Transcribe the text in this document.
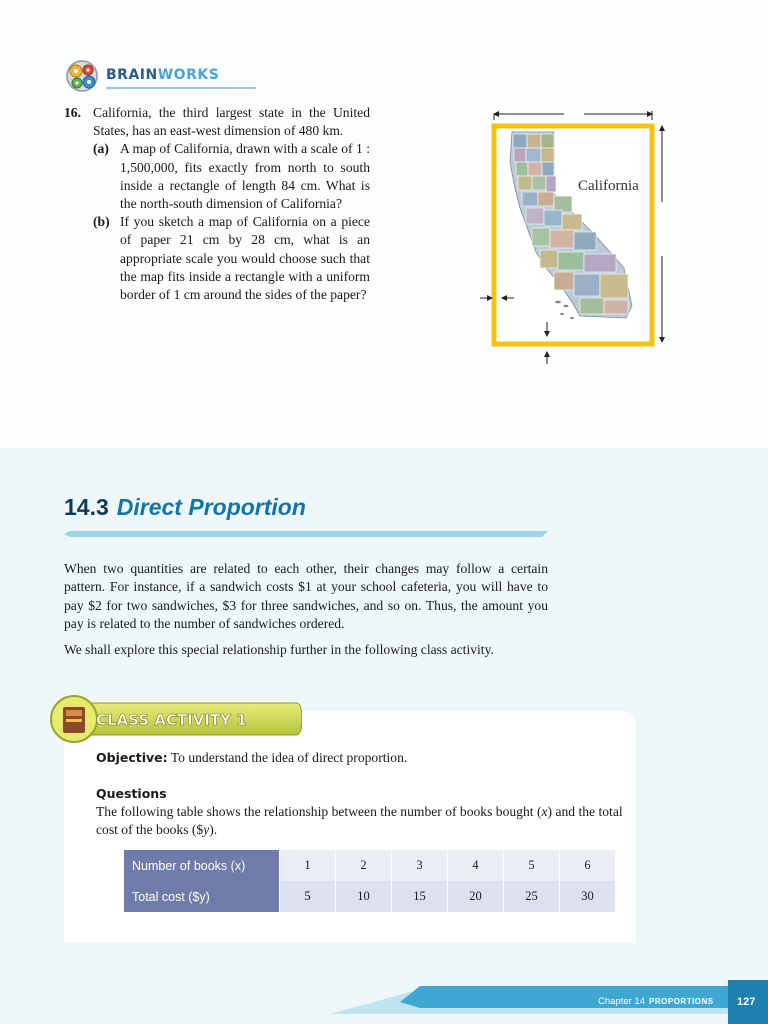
BRAINWORKS
16. California, the third largest state in the United States, has an east-west dimension of 480 km.
(a) A map of California, drawn with a scale of 1 : 1,500,000, fits exactly from north to south inside a rectangle of length 84 cm. What is the north-south dimension of California?
(b) If you sketch a map of California on a piece of paper 21 cm by 28 cm, what is an appropriate scale you would choose such that the map fits inside a rectangle with a uniform border of 1 cm around the sides of the paper?
California
14.3 Direct Proportion
When two quantities are related to each other, their changes may follow a certain pattern. For instance, if a sandwich costs $1 at your school cafeteria, you will have to pay $2 for two sandwiches, $3 for three sandwiches, and so on. Thus, the amount you pay is related to the number of sandwiches ordered.
We shall explore this special relationship further in the following class activity.
CLASS ACTIVITY 1
Objective: To understand the idea of direct proportion.
Questions
The following table shows the relationship between the number of books bought (x) and the total cost of the books ($y).
Number of books (x)	1	2	3	4	5	6
Total cost ($y)	5	10	15	20	25	30
Chapter 14 PROPORTIONS 127
